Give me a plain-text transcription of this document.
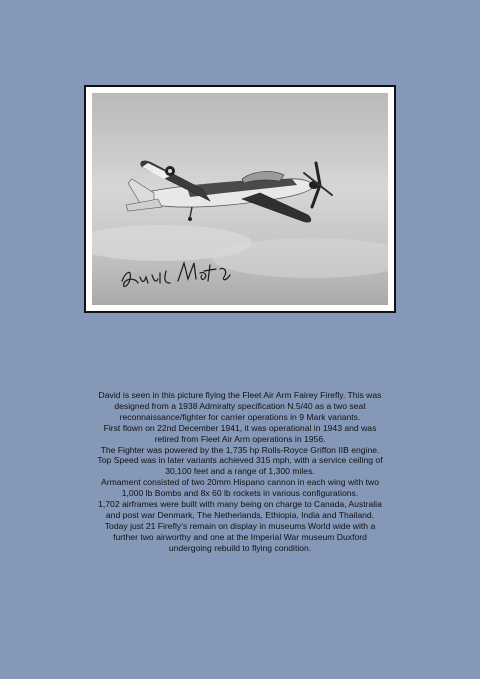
David is seen in this picture flying the Fleet Air Arm Fairey Firefly. This was

designed from a 1938 Admiralty specification N.5/40 as a two seat

reconnaissance/fighter for carrier operations in 9 Mark variants.

First flown on 22nd December 1941, it was operational in 1943 and was

retired from Fleet Air Arm operations in 1956.

The Fighter was powered by the 1,735 hp Rolls-Royce Griffon IIB engine.

Top Speed was in later variants achieved 315 mph, with a service ceiling of

30,100 feet and a range of 1,300 miles.

Armament consisted of two 20mm Hispano cannon in each wing with two

1,000 lb Bombs and 8x 60 lb rockets in various configurations.

1,702 airframes were built with many being on charge to Canada, Australia

and post war Denmark, The Netherlands, Ethiopia, India and Thailand.

Today just 21 Firefly’s remain on display in museums World wide with a

further two airworthy and one at the Imperial War museum Duxford

undergoing rebuild to flying condition.
